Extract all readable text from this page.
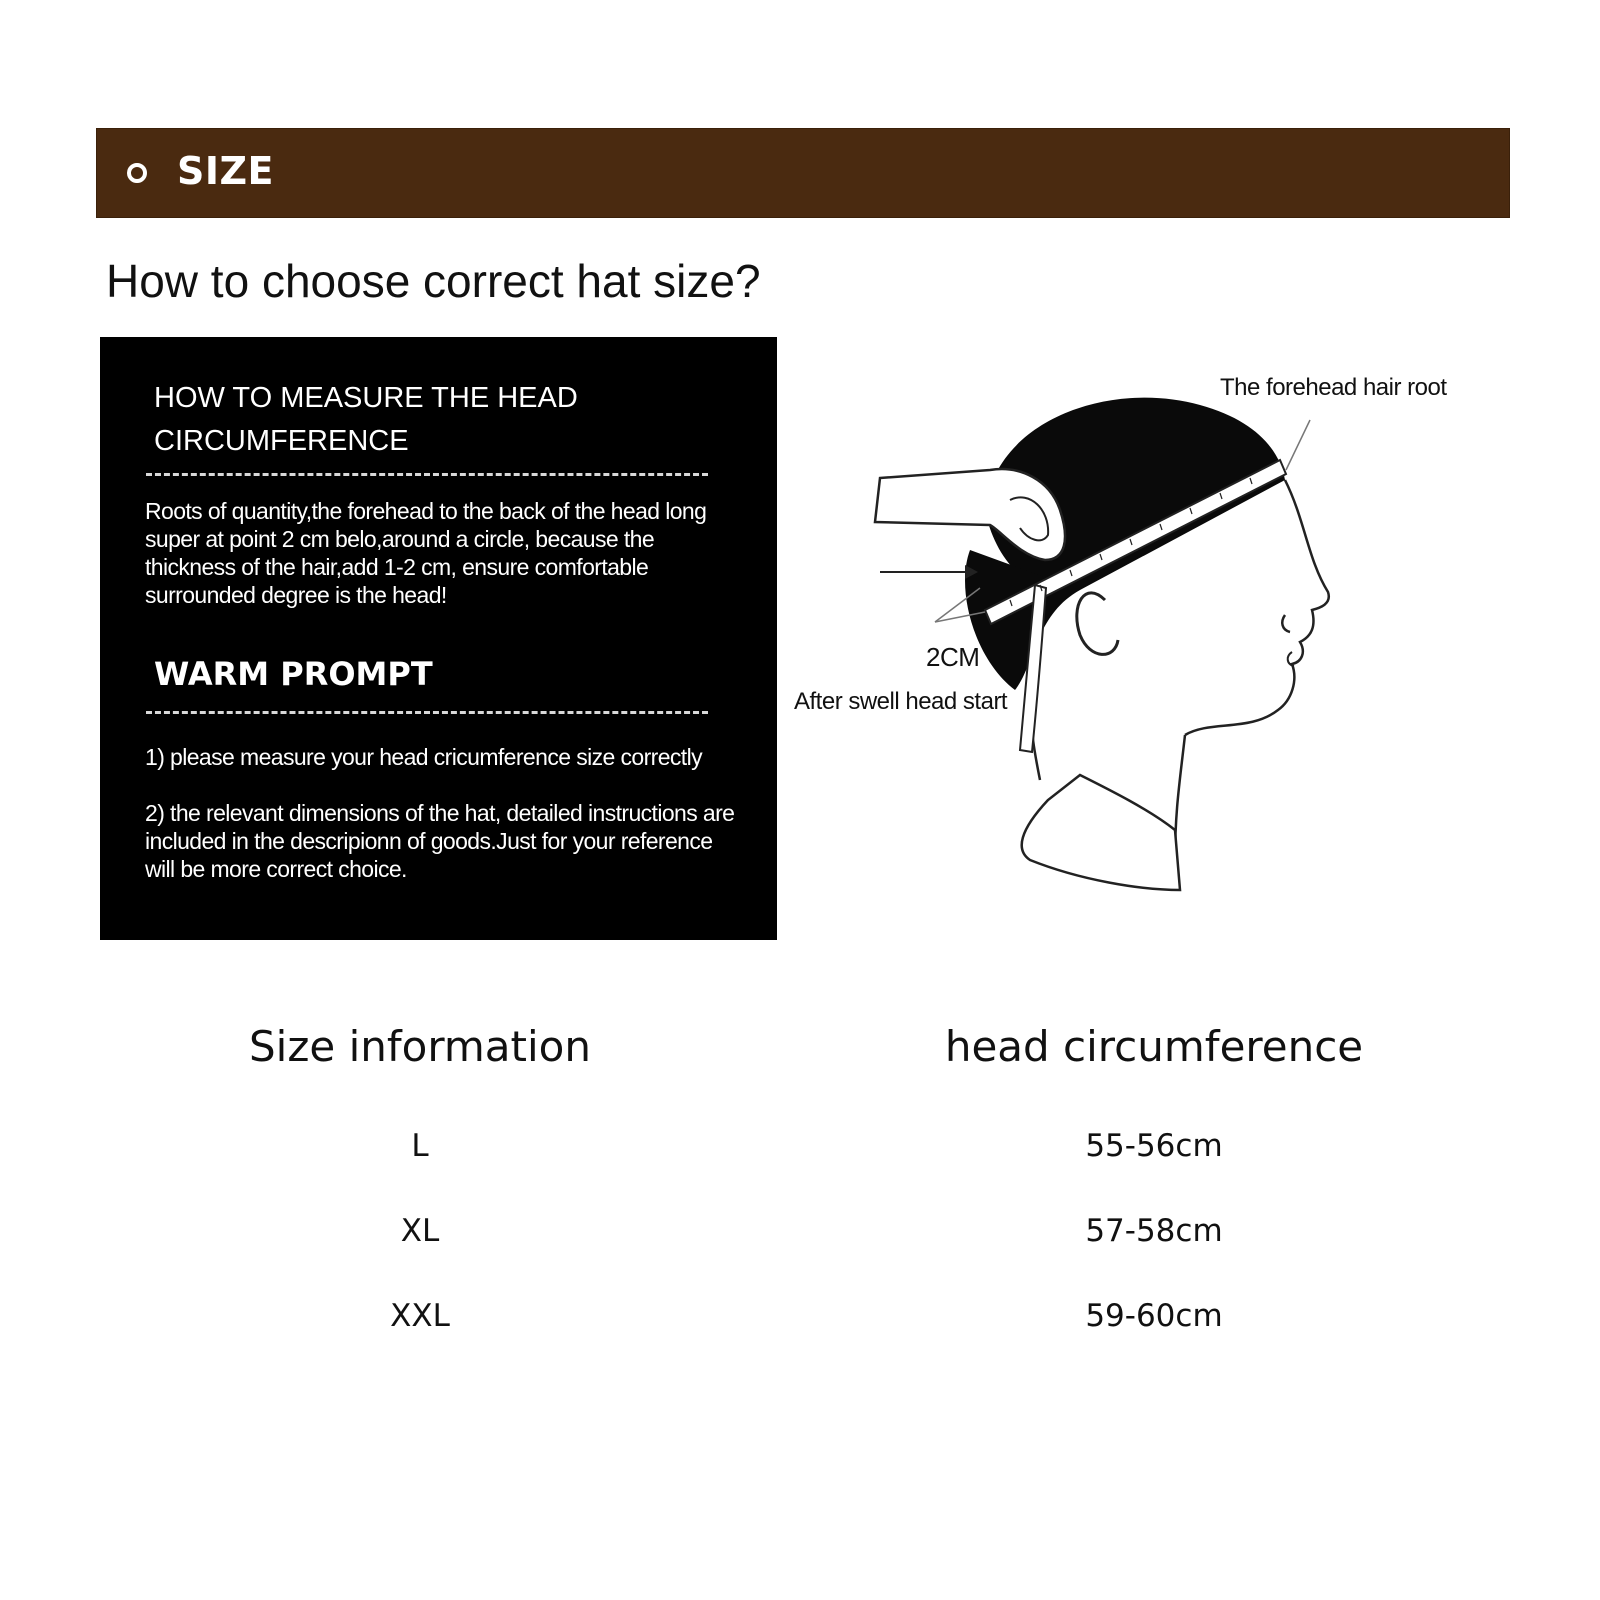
SIZE
How to choose correct hat size?
HOW TO MEASURE THE HEAD
CIRCUMFERENCE
Roots of quantity,the forehead to the back of the head long super at point 2 cm belo,around a circle, because the thickness of the hair,add 1-2 cm, ensure comfortable surrounded degree is the head!
WARM PROMPT
1) please measure your head cricumference size correctly
2) the relevant dimensions of the hat, detailed instructions are included in the descripionn of goods.Just for your reference will be more correct choice.
The forehead hair root
2CM
After swell head start
Size information	head circumference
L	55-56cm
XL	57-58cm
XXL	59-60cm
